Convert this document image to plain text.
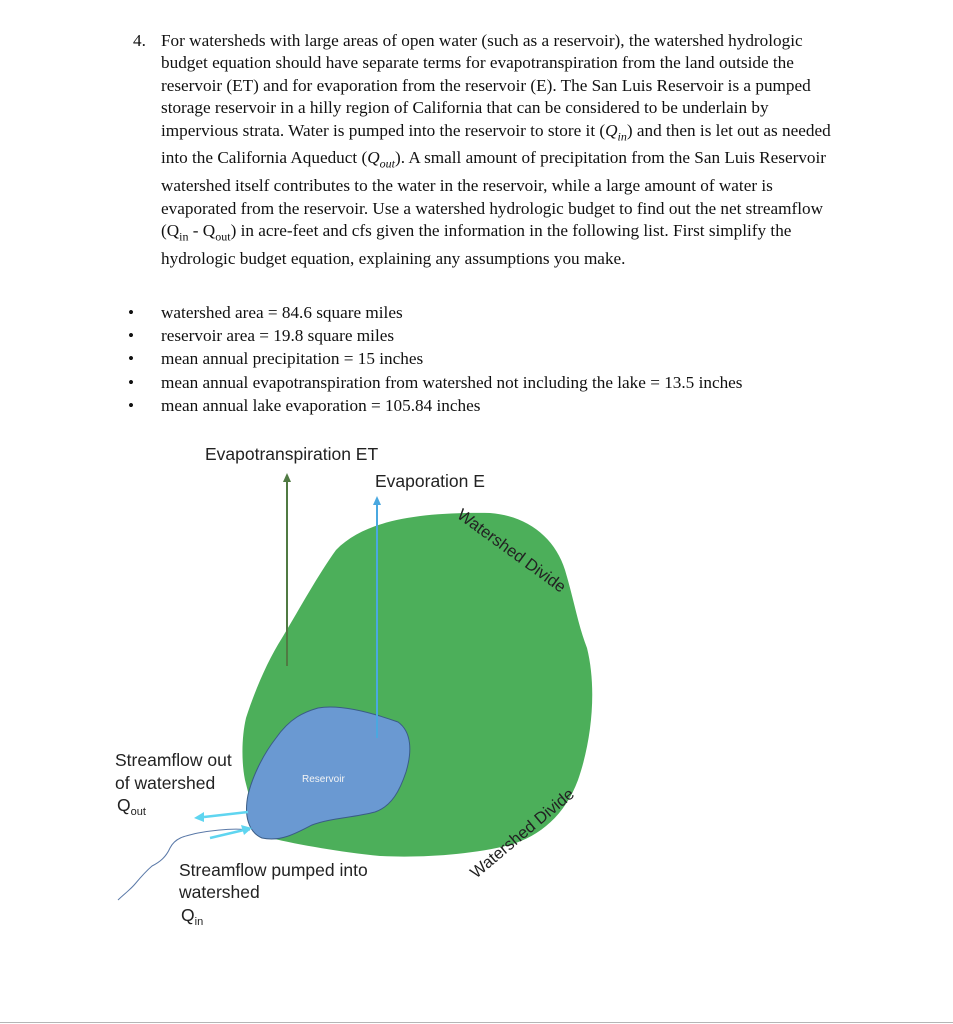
4. For watersheds with large areas of open water (such as a reservoir), the watershed hydrologic budget equation should have separate terms for evapotranspiration from the land outside the reservoir (ET) and for evaporation from the reservoir (E). The San Luis Reservoir is a pumped storage reservoir in a hilly region of California that can be considered to be underlain by impervious strata. Water is pumped into the reservoir to store it $(Q_{in})$ and then is let out as needed into the California Aqueduct $(Q_{out})$. A small amount of precipitation from the San Luis Reservoir watershed itself contributes to the water in the reservoir, while a large amount of water is evaporated from the reservoir. Use a watershed hydrologic budget to find out the net streamflow $(Q_{in} - Q_{out})$ in acre-feet and cfs given the information in the following list. First simplify the hydrologic budget equation, explaining any assumptions you make.
• watershed area = 84.6 square miles
• reservoir area = 19.8 square miles
• mean annual precipitation = 15 inches
• mean annual evapotranspiration from watershed not including the lake = 13.5 inches
• mean annual lake evaporation = 105.84 inches
Evapotranspiration ET
Evaporation E
Watershed Divide
Watershed Divide
Reservoir
Streamflow out
of watershed
$Q_{out}$
Streamflow pumped into
watershed
$Q_{in}$
